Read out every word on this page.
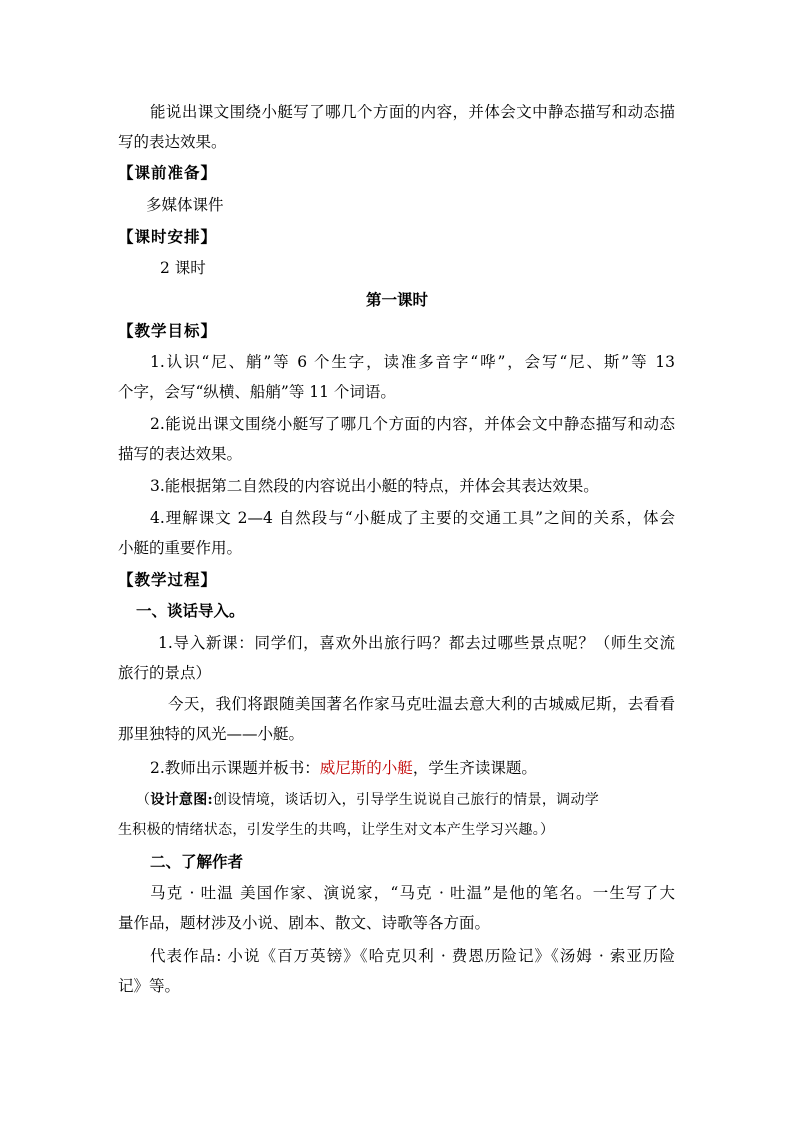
能说出课文围绕小艇写了哪几个方面的内容，并体会文中静态描写和动态描
写的表达效果。
【课前准备】
多媒体课件
【课时安排】
2 课时
第一课时
【教学目标】
1.认识“尼、艄”等 6 个生字，读准多音字“哗”，会写“尼、斯”等 13
个字，会写“纵横、船艄”等 11 个词语。
2.能说出课文围绕小艇写了哪几个方面的内容，并体会文中静态描写和动态
描写的表达效果。
3.能根据第二自然段的内容说出小艇的特点，并体会其表达效果。
4.理解课文 2—4 自然段与“小艇成了主要的交通工具”之间的关系，体会
小艇的重要作用。
【教学过程】
一、谈话导入。
1.导入新课：同学们，喜欢外出旅行吗？都去过哪些景点呢？（师生交流
旅行的景点）
今天，我们将跟随美国著名作家马克吐温去意大利的古城威尼斯，去看看
那里独特的风光——小艇。
2.教师出示课题并板书：威尼斯的小艇，学生齐读课题。
（设计意图:创设情境，谈话切入，引导学生说说自己旅行的情景，调动学
生积极的情绪状态，引发学生的共鸣，让学生对文本产生学习兴趣。）
二、了解作者
马克 · 吐温 美国作家、演说家，“马克 · 吐温”是他的笔名。一生写了大
量作品，题材涉及小说、剧本、散文、诗歌等各方面。
代表作品: 小说《百万英镑》《哈克贝利 · 费恩历险记》《汤姆 · 索亚历险
记》等。
